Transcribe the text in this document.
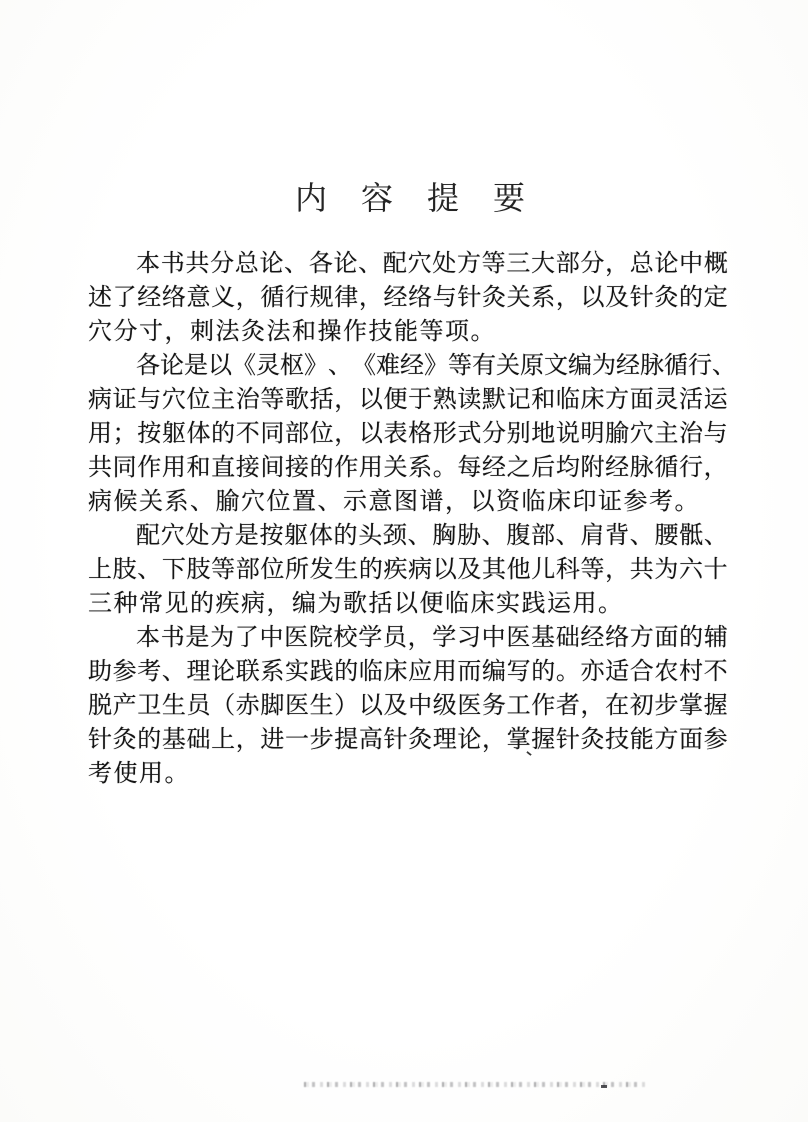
内 容 提 要
本 书 共 分 总 论 、 各 论 、 配 穴 处 方 等 三 大 部 分 ， 总 论 中 概
述 了 经 络 意 义 ， 循 行 规 律 ， 经 络 与 针 灸 关 系 ， 以 及 针 灸 的 定
穴分寸，刺法灸法和操作技能等项。
各 论 是 以 《 灵 枢 》 、 《 难 经 》 等 有 关 原 文 编 为 经 脉 循 行 、
病 证 与 穴 位 主 治 等 歌 括 ， 以 便 于 熟 读 默 记 和 临 床 方 面 灵 活 运
用 ； 按 躯 体 的 不 同 部 位 ， 以 表 格 形 式 分 别 地 说 明 腧 穴 主 治 与
共 同 作 用 和 直 接 间 接 的 作 用 关 系 。 每 经 之 后 均 附 经 脉 循 行 ，
病候关系、腧穴位置、示意图谱，以资临床印证参考。
配 穴 处 方 是 按 躯 体 的 头 颈 、 胸 胁 、 腹 部 、 肩 背 、 腰 骶 、
上 肢 、 下 肢 等 部 位 所 发 生 的 疾 病 以 及 其 他 儿 科 等 ， 共 为 六 十
三种常见的疾病，编为歌括以便临床实践运用。
本 书 是 为 了 中 医 院 校 学 员 ， 学 习 中 医 基 础 经 络 方 面 的 辅
助 参 考 、 理 论 联 系 实 践 的 临 床 应 用 而 编 写 的 。 亦 适 合 农 村 不
脱 产 卫 生 员 （ 赤 脚 医 生 ） 以 及 中 级 医 务 工 作 者 ， 在 初 步 掌 握
针 灸 的 基 础 上 ， 进 一 步 提 高 针 灸 理 论 ， 掌 握 针 灸 技 能 方 面 参
考使用。
